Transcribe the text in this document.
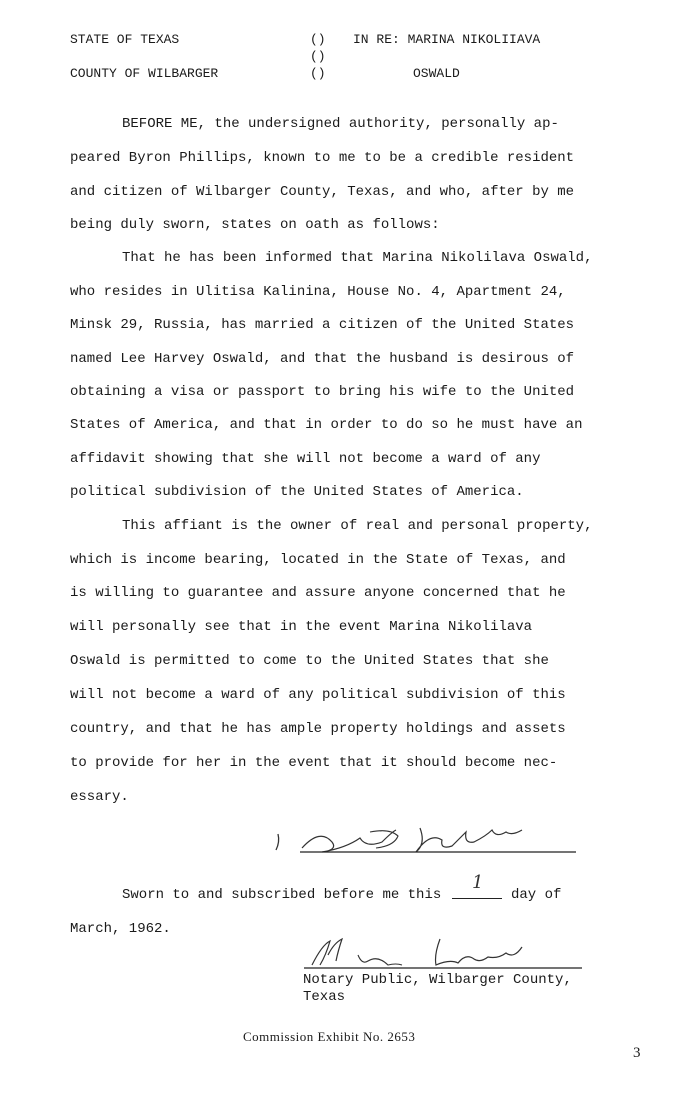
STATE OF TEXAS	() IN RE: MARINA NIKOLIIAVA
()
COUNTY OF WILBARGER	()	OSWALD
BEFORE ME, the undersigned authority, personally ap-
peared Byron Phillips, known to me to be a credible resident
and citizen of Wilbarger County, Texas, and who, after by me
being duly sworn, states on oath as follows:
That he has been informed that Marina Nikolilava Oswald,
who resides in Ulitisa Kalinina, House No. 4, Apartment 24,
Minsk 29, Russia, has married a citizen of the United States
named Lee Harvey Oswald, and that the husband is desirous of
obtaining a visa or passport to bring his wife to the United
States of America, and that in order to do so he must have an
affidavit showing that she will not become a ward of any
political subdivision of the United States of America.
This affiant is the owner of real and personal property,
which is income bearing, located in the State of Texas, and
is willing to guarantee and assure anyone concerned that he
will personally see that in the event Marina Nikolilava
Oswald is permitted to come to the United States that she
will not become a ward of any political subdivision of this
country, and that he has ample property holdings and assets
to provide for her in the event that it should become nec-
essary.
Sworn to and subscribed before me this
1
day of
March, 1962.
Notary Public, Wilbarger County,
Texas
Commission Exhibit No. 2653
3
